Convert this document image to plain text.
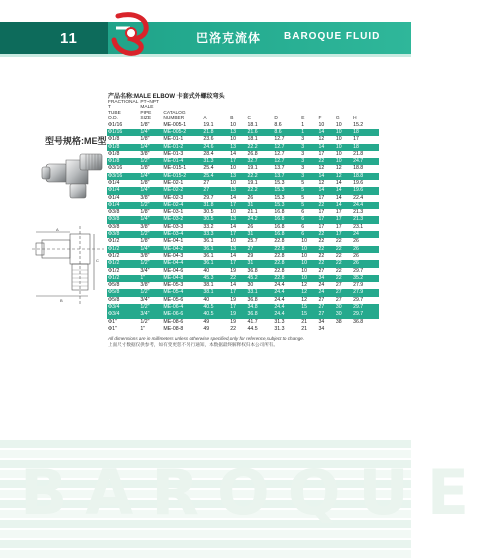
11	巴洛克流体 BAROQUE FLUID
产品名称:MALE ELBOW 卡套式外螺纹弯头
型号规格:ME型
A
B
C
FRACTIONAL
T
TUBE
O.D.	PT~NPT
MALE
PIPE
SIZE	CATALOG
NUMBER	A	B	C	D	E	F	G	H
Φ1/16	1/8"	ME-005-1	19.1	10	18.1	8.6	1	10	10	15.2
Φ1/16	1/4"	ME-005-2	21.8	13	21.6	8.6	1	14	10	18
Φ1/8	1/8"	ME-01-1	23.6	10	18.1	12.7	3	12	10	17
Φ1/8	1/4"	ME-01-2	24.6	13	22.2	12.7	3	14	10	18
Φ1/8	3/8"	ME-01-3	28.4	14	26.8	12.7	3	17	10	21.8
Φ1/8	1/2"	ME-01-4	31.3	17	32.7	12.7	3	22	10	24.7
Φ3/16	1/8"	ME-015-1	25.4	10	19.1	13.7	3	12	12	18.8
Φ3/16	1/4"	ME-015-2	25.4	13	22.2	13.7	3	14	12	18.8
Φ1/4	1/8"	ME-02-1	27	10	19.1	15.3	5	12	14	19.6
Φ1/4	1/4"	ME-02-2	27	13	22.2	15.3	5	14	14	19.6
Φ1/4	3/8"	ME-02-3	29.7	14	26	15.3	5	17	14	22.4
Φ1/4	1/2"	ME-02-4	31.8	17	31	15.3	5	22	14	24.4
Φ3/8	1/8"	ME-03-1	30.5	10	21.1	16.8	6	17	17	21.3
Φ3/8	1/4"	ME-03-2	30.5	13	24.2	16.8	6	17	17	21.3
Φ3/8	3/8"	ME-03-3	33.2	14	26	16.8	6	17	17	23.1
Φ3/8	1/2"	ME-03-4	33.3	17	31	16.8	6	22	17	24
Φ1/2	1/8"	ME-04-1	36.1	10	25.7	22.8	10	22	22	26
Φ1/2	1/4"	ME-04-2	36.1	13	27	22.8	10	22	22	26
Φ1/2	3/8"	ME-04-3	36.1	14	29	22.8	10	22	22	26
Φ1/2	1/2"	ME-04-4	36.1	17	31	22.8	10	22	22	26
Φ1/2	3/4"	ME-04-6	40	19	36.8	22.8	10	27	22	29.7
Φ1/2	1"	ME-04-8	45.3	22	45.2	22.8	10	34	22	35.2
Φ5/8	3/8"	ME-05-3	38.1	14	30	24.4	12	24	27	27.9
Φ5/8	1/2"	ME-05-4	38.1	17	33.1	24.4	12	24	27	27.9
Φ5/8	3/4"	ME-05-6	40	19	36.8	24.4	12	27	27	29.7
Φ3/4	1/2"	ME-06-4	40.5	17	34.8	24.4	15	27	30	29.7
Φ3/4	3/4"	ME-06-6	40.5	19	36.8	24.4	15	27	30	29.7
Φ1"	1/2"	ME-08-6	49	19	41.7	31.3	21	34	38	36.8
Φ1"	1"	ME-08-8	49	22	44.5	31.3	21	34		
All dimensions are in millimeters unless otherwise specified,only for reference,subject to change.
上面尺寸数据仅供参考，如有变更恕不另行通知，本数据最终解释权归本公司所有。
BAROQUE
